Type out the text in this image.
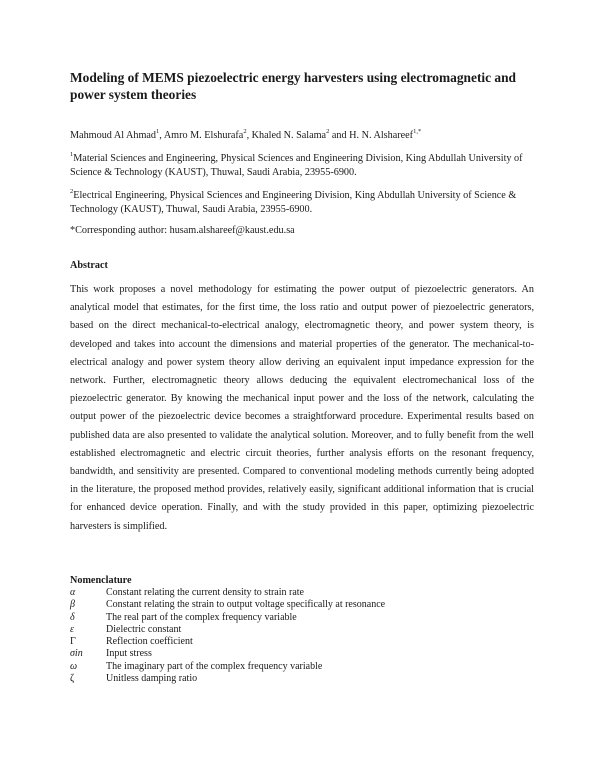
Modeling of MEMS piezoelectric energy harvesters using electromagnetic and power system theories
Mahmoud Al Ahmad$^1$, Amro M. Elshurafa$^2$, Khaled N. Salama$^2$ and H. N. Alshareef$^{1,*}$

$^1$Material Sciences and Engineering, Physical Sciences and Engineering Division, King Abdullah University of Science & Technology (KAUST), Thuwal, Saudi Arabia, 23955-6900.

$^2$Electrical Engineering, Physical Sciences and Engineering Division, King Abdullah University of Science & Technology (KAUST), Thuwal, Saudi Arabia, 23955-6900.

*Corresponding author: husam.alshareef@kaust.edu.sa
Abstract

This work proposes a novel methodology for estimating the power output of piezoelectric generators. An analytical model that estimates, for the first time, the loss ratio and output power of piezoelectric generators, based on the direct mechanical-to-electrical analogy, electromagnetic theory, and power system theory, is developed and takes into account the dimensions and material properties of the generator. The mechanical-to-electrical analogy and power system theory allow deriving an equivalent input impedance expression for the network. Further, electromagnetic theory allows deducing the equivalent electromechanical loss of the piezoelectric generator. By knowing the mechanical input power and the loss of the network, calculating the output power of the piezoelectric device becomes a straightforward procedure. Experimental results based on published data are also presented to validate the analytical solution. Moreover, and to fully benefit from the well established electromagnetic and electric circuit theories, further analysis efforts on the resonant frequency, bandwidth, and sensitivity are presented. Compared to conventional modeling methods currently being adopted in the literature, the proposed method provides, relatively easily, significant additional information that is crucial for enhanced device operation. Finally, and with the study provided in this paper, optimizing piezoelectric harvesters is simplified.

Nomenclature
α	Constant relating the current density to strain rate
β	Constant relating the strain to output voltage specifically at resonance
δ	The real part of the complex frequency variable
ε	Dielectric constant
Γ	Reflection coefficient
σin Input stress
ω	The imaginary part of the complex frequency variable
ζ	Unitless damping ratio
